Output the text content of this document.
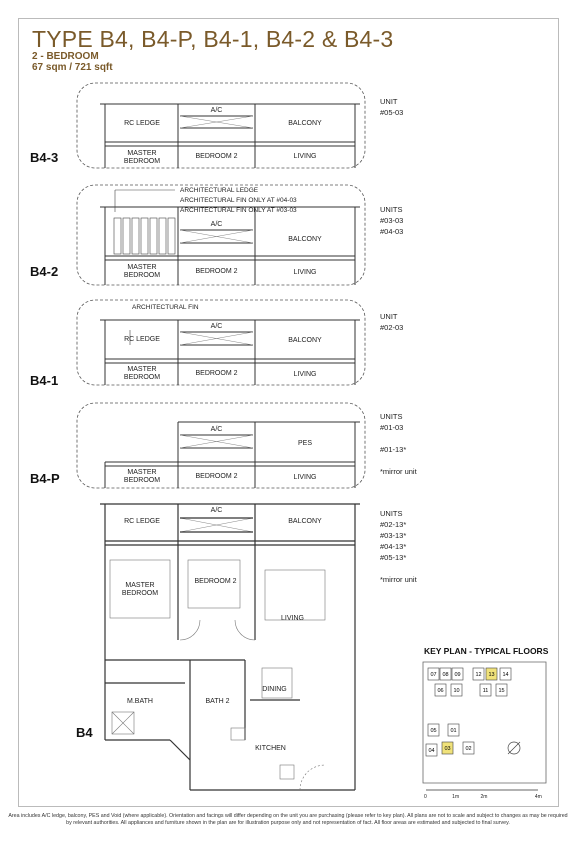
TYPE B4, B4-P, B4-1, B4-2 & B4-3
2 - BEDROOM
67 sqm / 721 sqft
B4-3
B4-2
B4-1
B4-P
B4
UNIT
#05-03
UNITS
#03-03
#04-03
UNIT
#02-03
UNITS
#01-03

#01-13*

*mirror unit
UNITS
#02-13*
#03-13*
#04-13*
#05-13*

*mirror unit
RC LEDGE
A/C
BALCONY
MASTER
BEDROOM
BEDROOM 2	LIVING
A/C
BALCONY
MASTER
BEDROOM
BEDROOM 2	LIVING
ARCHITECTURAL LEDGE
ARCHITECTURAL FIN ONLY AT #04-03
ARCHITECTURAL FIN ONLY AT #03-03
ARCHITECTURAL FIN
RC LEDGE
A/C
BALCONY
MASTER
BEDROOM
BEDROOM 2	LIVING
A/C
PES
MASTER
BEDROOM
BEDROOM 2	LIVING
RC LEDGE
A/C
BALCONY
MASTER
BEDROOM
BEDROOM 2
LIVING
DINING
M.BATH	BATH 2
KITCHEN
KEY PLAN - TYPICAL FLOORS
07 08 09	12 13 14
06 10	11 15
05	01
03	02
04
0	1m	2m	4m
Area includes A/C ledge, balcony, PES and Void (where applicable). Orientation and facings will differ depending on the unit you are purchasing (please refer to key plan). All plans are not to scale and subject to changes as may be required by relevant authorities. All appliances and furniture shown in the plan are for illustration purpose only and not representation of fact. All floor areas are estimated and subjected to final survey.
